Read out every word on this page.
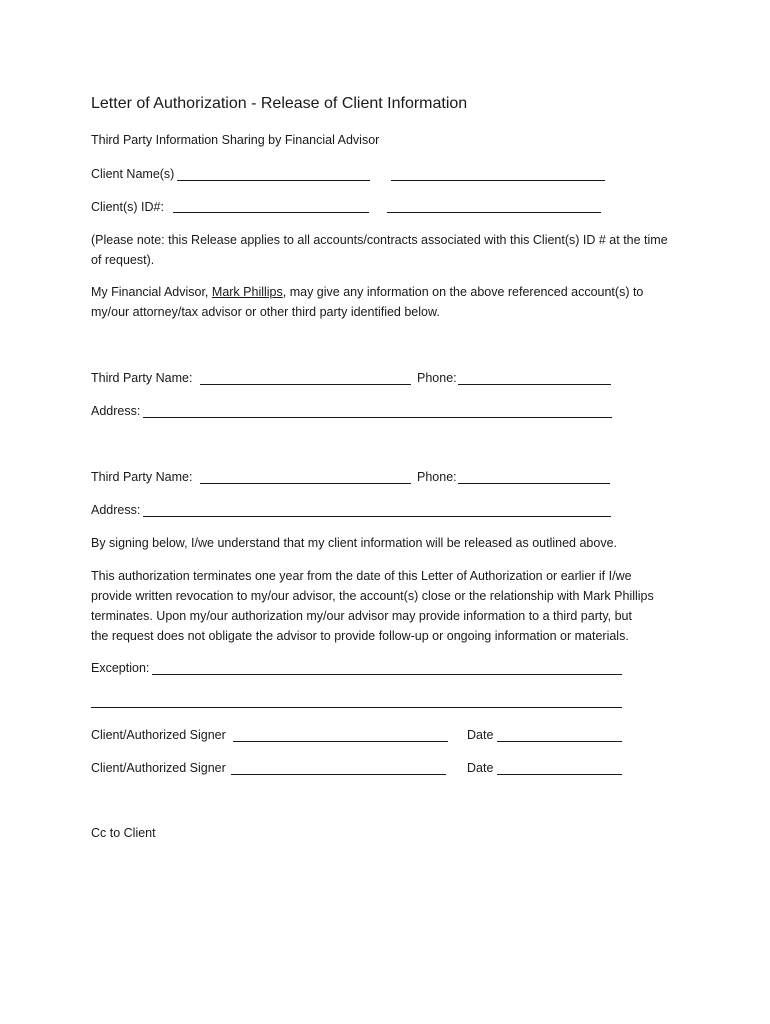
Letter of Authorization - Release of Client Information
Third Party Information Sharing by Financial Advisor
Client Name(s)
Client(s) ID#:
(Please note: this Release applies to all accounts/contracts associated with this Client(s) ID # at the time
of request).
My Financial Advisor, Mark Phillips, may give any information on the above referenced account(s) to
my/our attorney/tax advisor or other third party identified below.
Third Party Name:	Phone:
Address:
Third Party Name:	Phone:
Address:
By signing below, I/we understand that my client information will be released as outlined above.
This authorization terminates one year from the date of this Letter of Authorization or earlier if I/we
provide written revocation to my/our advisor, the account(s) close or the relationship with Mark Phillips
terminates. Upon my/our authorization my/our advisor may provide information to a third party, but
the request does not obligate the advisor to provide follow-up or ongoing information or materials.
Exception:
Client/Authorized Signer	Date
Client/Authorized Signer	Date
Cc to Client
